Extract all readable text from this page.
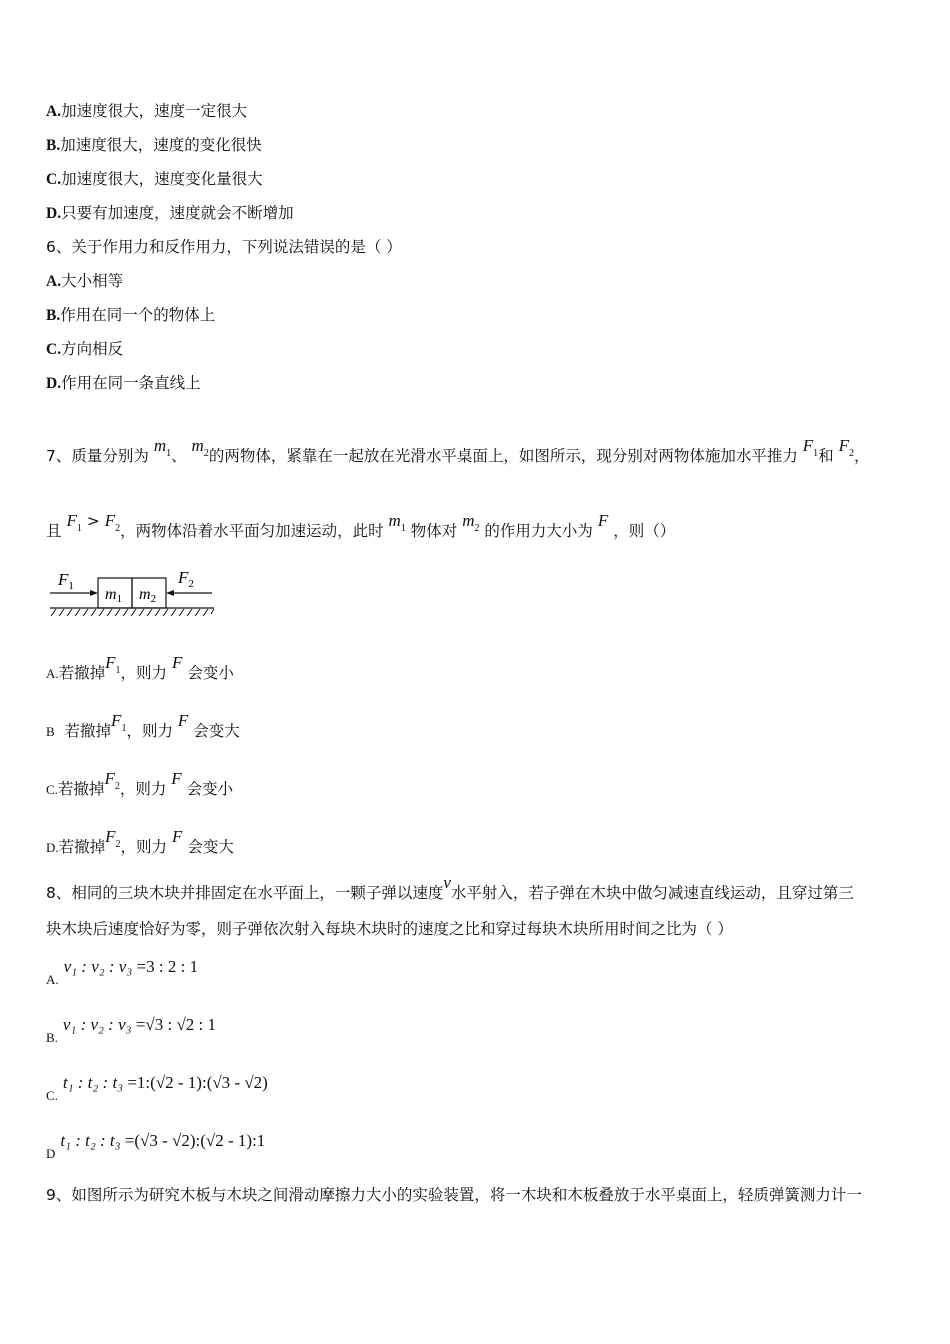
A.加速度很大，速度一定很大
B.加速度很大，速度的变化很快
C.加速度很大，速度变化量很大
D.只要有加速度，速度就会不断增加
6、关于作用力和反作用力，下列说法错误的是（ ）
A.大小相等
B.作用在同一个的物体上
C.方向相反
D.作用在同一条直线上
7、质量分别为 $m_1$、 $m_2$的两物体，紧靠在一起放在光滑水平桌面上，如图所示，现分别对两物体施加水平推力 $F_1$和 $F_2$，
且 $F_1 > F_2$，两物体沿着水平面匀加速运动，此时 $m_1$ 物体对 $m_2$ 的作用力大小为 F ，则（）
$F_1$ m1 m2
$F_2$
A.若撤掉$F_1$，则力 F 会变小
B 若撤掉$F_1$，则力 F 会变大
C.若撤掉$F_2$，则力 F 会变小
D.若撤掉$F_2$，则力 F 会变大
8、相同的三块木块并排固定在水平面上，一颗子弹以速度v水平射入，若子弹在木块中做匀减速直线运动，且穿过第三
块木块后速度恰好为零，则子弹依次射入每块木块时的速度之比和穿过每块木块所用时间之比为（ ）
$_{A.}$ v₁ : v₂ : v₃ =3 : 2 : 1
$_{B.}$ v₁ : v₂ : v₃ =√3 : √2 : 1
$_{C.}$ t₁ : t₂ : t₃ =1:(√2 - 1):(√3 - √2)
$_D$ t₁ : t₂ : t₃ =(√3 - √2):(√2 - 1):1
9、如图所示为研究木板与木块之间滑动摩擦力大小的实验装置，将一木块和木板叠放于水平桌面上，轻质弹簧测力计一
